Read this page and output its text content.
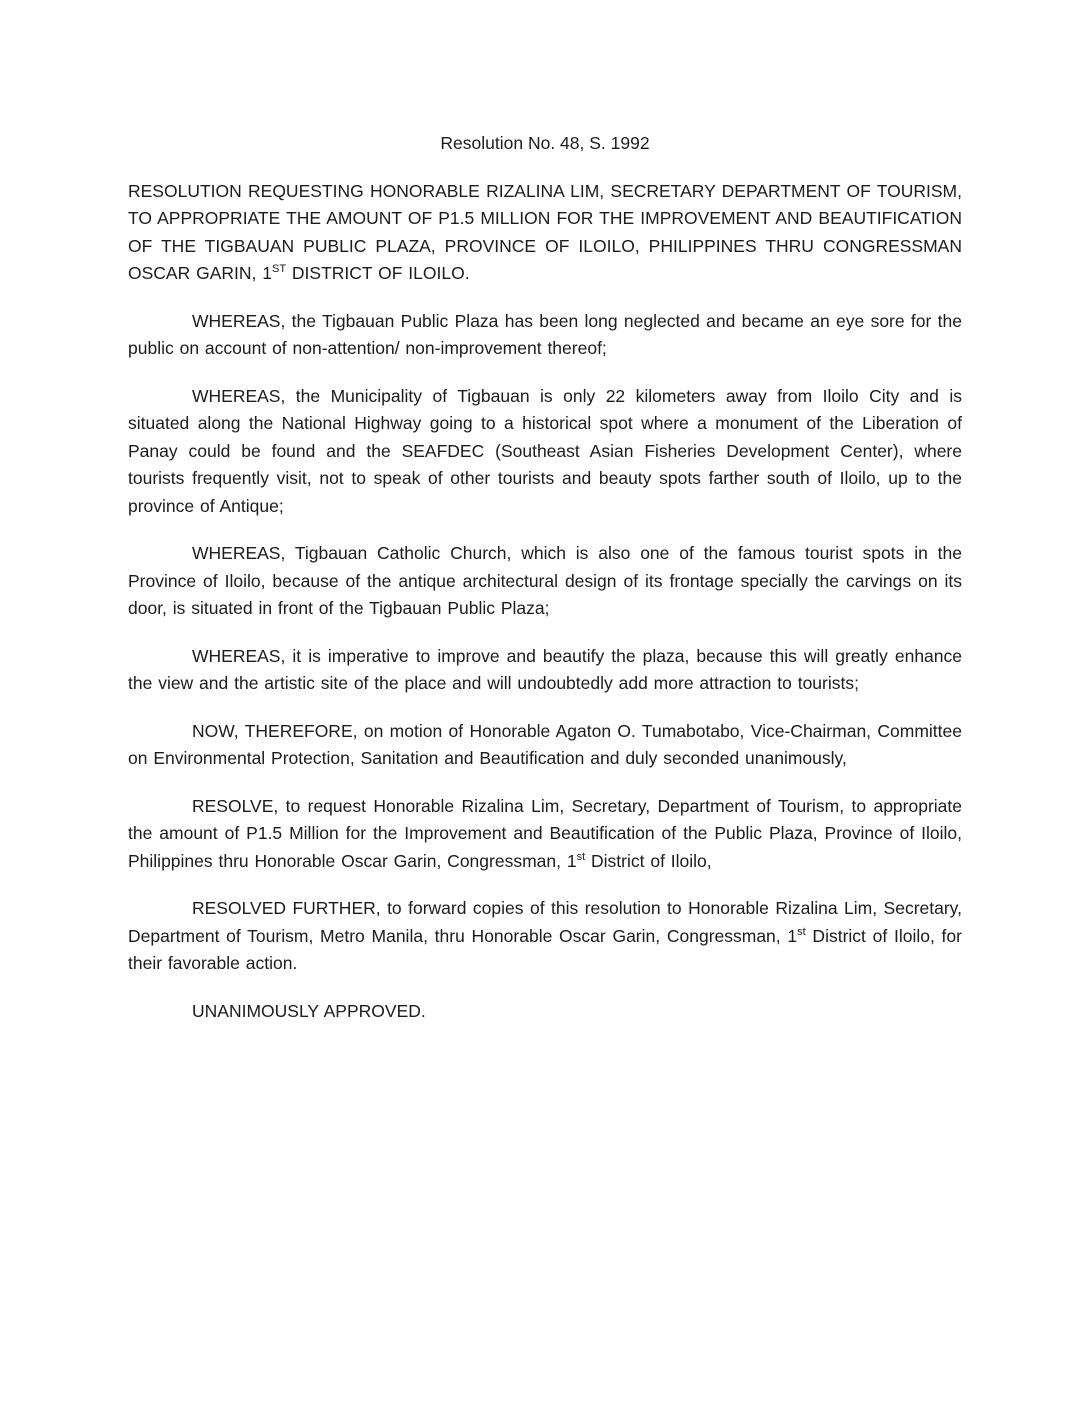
Resolution No. 48, S. 1992

RESOLUTION REQUESTING HONORABLE RIZALINA LIM, SECRETARY DEPARTMENT OF TOURISM, TO APPROPRIATE THE AMOUNT OF P1.5 MILLION FOR THE IMPROVEMENT AND BEAUTIFICATION OF THE TIGBAUAN PUBLIC PLAZA, PROVINCE OF ILOILO, PHILIPPINES THRU CONGRESSMAN OSCAR GARIN, 1ST DISTRICT OF ILOILO.

WHEREAS, the Tigbauan Public Plaza has been long neglected and became an eye sore for the public on account of non-attention/ non-improvement thereof;

WHEREAS, the Municipality of Tigbauan is only 22 kilometers away from Iloilo City and is situated along the National Highway going to a historical spot where a monument of the Liberation of Panay could be found and the SEAFDEC (Southeast Asian Fisheries Development Center), where tourists frequently visit, not to speak of other tourists and beauty spots farther south of Iloilo, up to the province of Antique;

WHEREAS, Tigbauan Catholic Church, which is also one of the famous tourist spots in the Province of Iloilo, because of the antique architectural design of its frontage specially the carvings on its door, is situated in front of the Tigbauan Public Plaza;

WHEREAS, it is imperative to improve and beautify the plaza, because this will greatly enhance the view and the artistic site of the place and will undoubtedly add more attraction to tourists;

NOW, THEREFORE, on motion of Honorable Agaton O. Tumabotabo, Vice-Chairman, Committee on Environmental Protection, Sanitation and Beautification and duly seconded unanimously,

RESOLVE, to request Honorable Rizalina Lim, Secretary, Department of Tourism, to appropriate the amount of P1.5 Million for the Improvement and Beautification of the Public Plaza, Province of Iloilo, Philippines thru Honorable Oscar Garin, Congressman, 1st District of Iloilo,

RESOLVED FURTHER, to forward copies of this resolution to Honorable Rizalina Lim, Secretary, Department of Tourism, Metro Manila, thru Honorable Oscar Garin, Congressman, 1st District of Iloilo, for their favorable action.

UNANIMOUSLY APPROVED.
